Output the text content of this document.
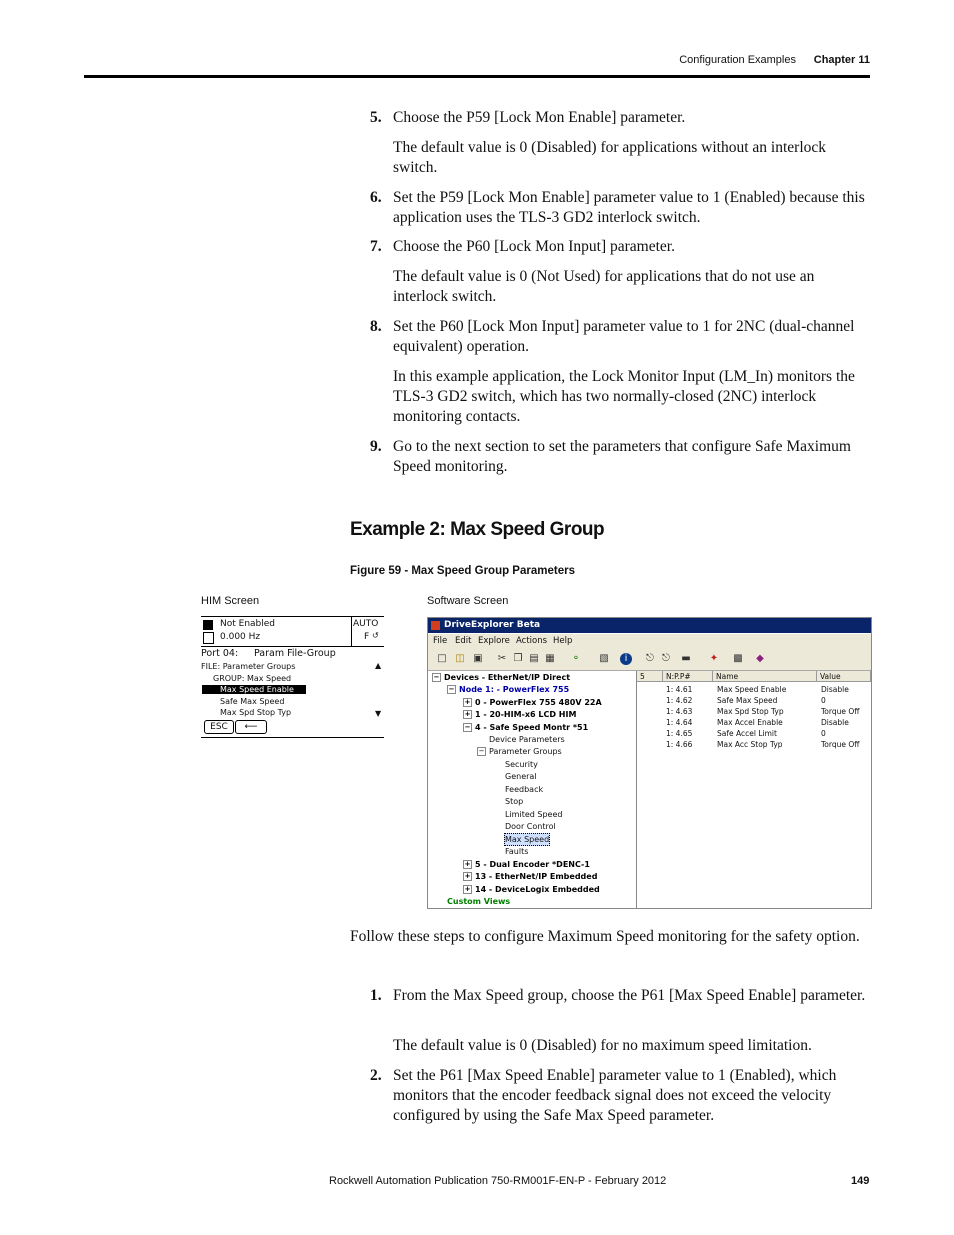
Configuration Examples Chapter 11
5. Choose the P59 [Lock Mon Enable] parameter.
The default value is 0 (Disabled) for applications without an interlock switch.
6. Set the P59 [Lock Mon Enable] parameter value to 1 (Enabled) because this application uses the TLS-3 GD2 interlock switch.
7. Choose the P60 [Lock Mon Input] parameter.
The default value is 0 (Not Used) for applications that do not use an interlock switch.
8. Set the P60 [Lock Mon Input] parameter value to 1 for 2NC (dual-channel equivalent) operation.
In this example application, the Lock Monitor Input (LM_In) monitors the TLS-3 GD2 switch, which has two normally-closed (2NC) interlock monitoring contacts.
9. Go to the next section to set the parameters that configure Safe Maximum Speed monitoring.
Example 2: Max Speed Group
Figure 59 - Max Speed Group Parameters
HIM Screen	Software Screen
Not Enabled
0.000 Hz
AUTO
F ↺
Port 04: Param File-Group
FILE: Parameter Groups	▲
GROUP: Max Speed
Max Speed Enable
Safe Max Speed
Max Spd Stop Typ	▼
ESC	⟵
DriveExplorer Beta
File Edit Explore Actions Help
□ ◫ ▣ ✂ ❐ ▤ ▦ ⚬ ▧	i	⎋ ⎋ ▬ ✦ ▩ ◆
− Devices - EtherNet/IP Direct
− Node 1: - PowerFlex 755
+ 0 - PowerFlex 755 480V 22A
+ 1 - 20-HIM-x6 LCD HIM
− 4 - Safe Speed Montr *51
Device Parameters
− Parameter Groups
Security
General
Feedback
Stop
Limited Speed
Door Control
Max Speed
Faults
+ 5 - Dual Encoder *DENC-1
+ 13 - EtherNet/IP Embedded
+ 14 - DeviceLogix Embedded
Custom Views
5	N:P.P#	Name	Value
1: 4.61	Max Speed Enable	Disable
1: 4.62	Safe Max Speed	0
1: 4.63	Max Spd Stop Typ	Torque Off
1: 4.64	Max Accel Enable	Disable
1: 4.65	Safe Accel Limit	0
1: 4.66	Max Acc Stop Typ	Torque Off
Follow these steps to configure Maximum Speed monitoring for the safety option.
1. From the Max Speed group, choose the P61 [Max Speed Enable] parameter.
The default value is 0 (Disabled) for no maximum speed limitation.
2. Set the P61 [Max Speed Enable] parameter value to 1 (Enabled), which monitors that the encoder feedback signal does not exceed the velocity configured by using the Safe Max Speed parameter.
Rockwell Automation Publication 750-RM001F-EN-P - February 2012	149
